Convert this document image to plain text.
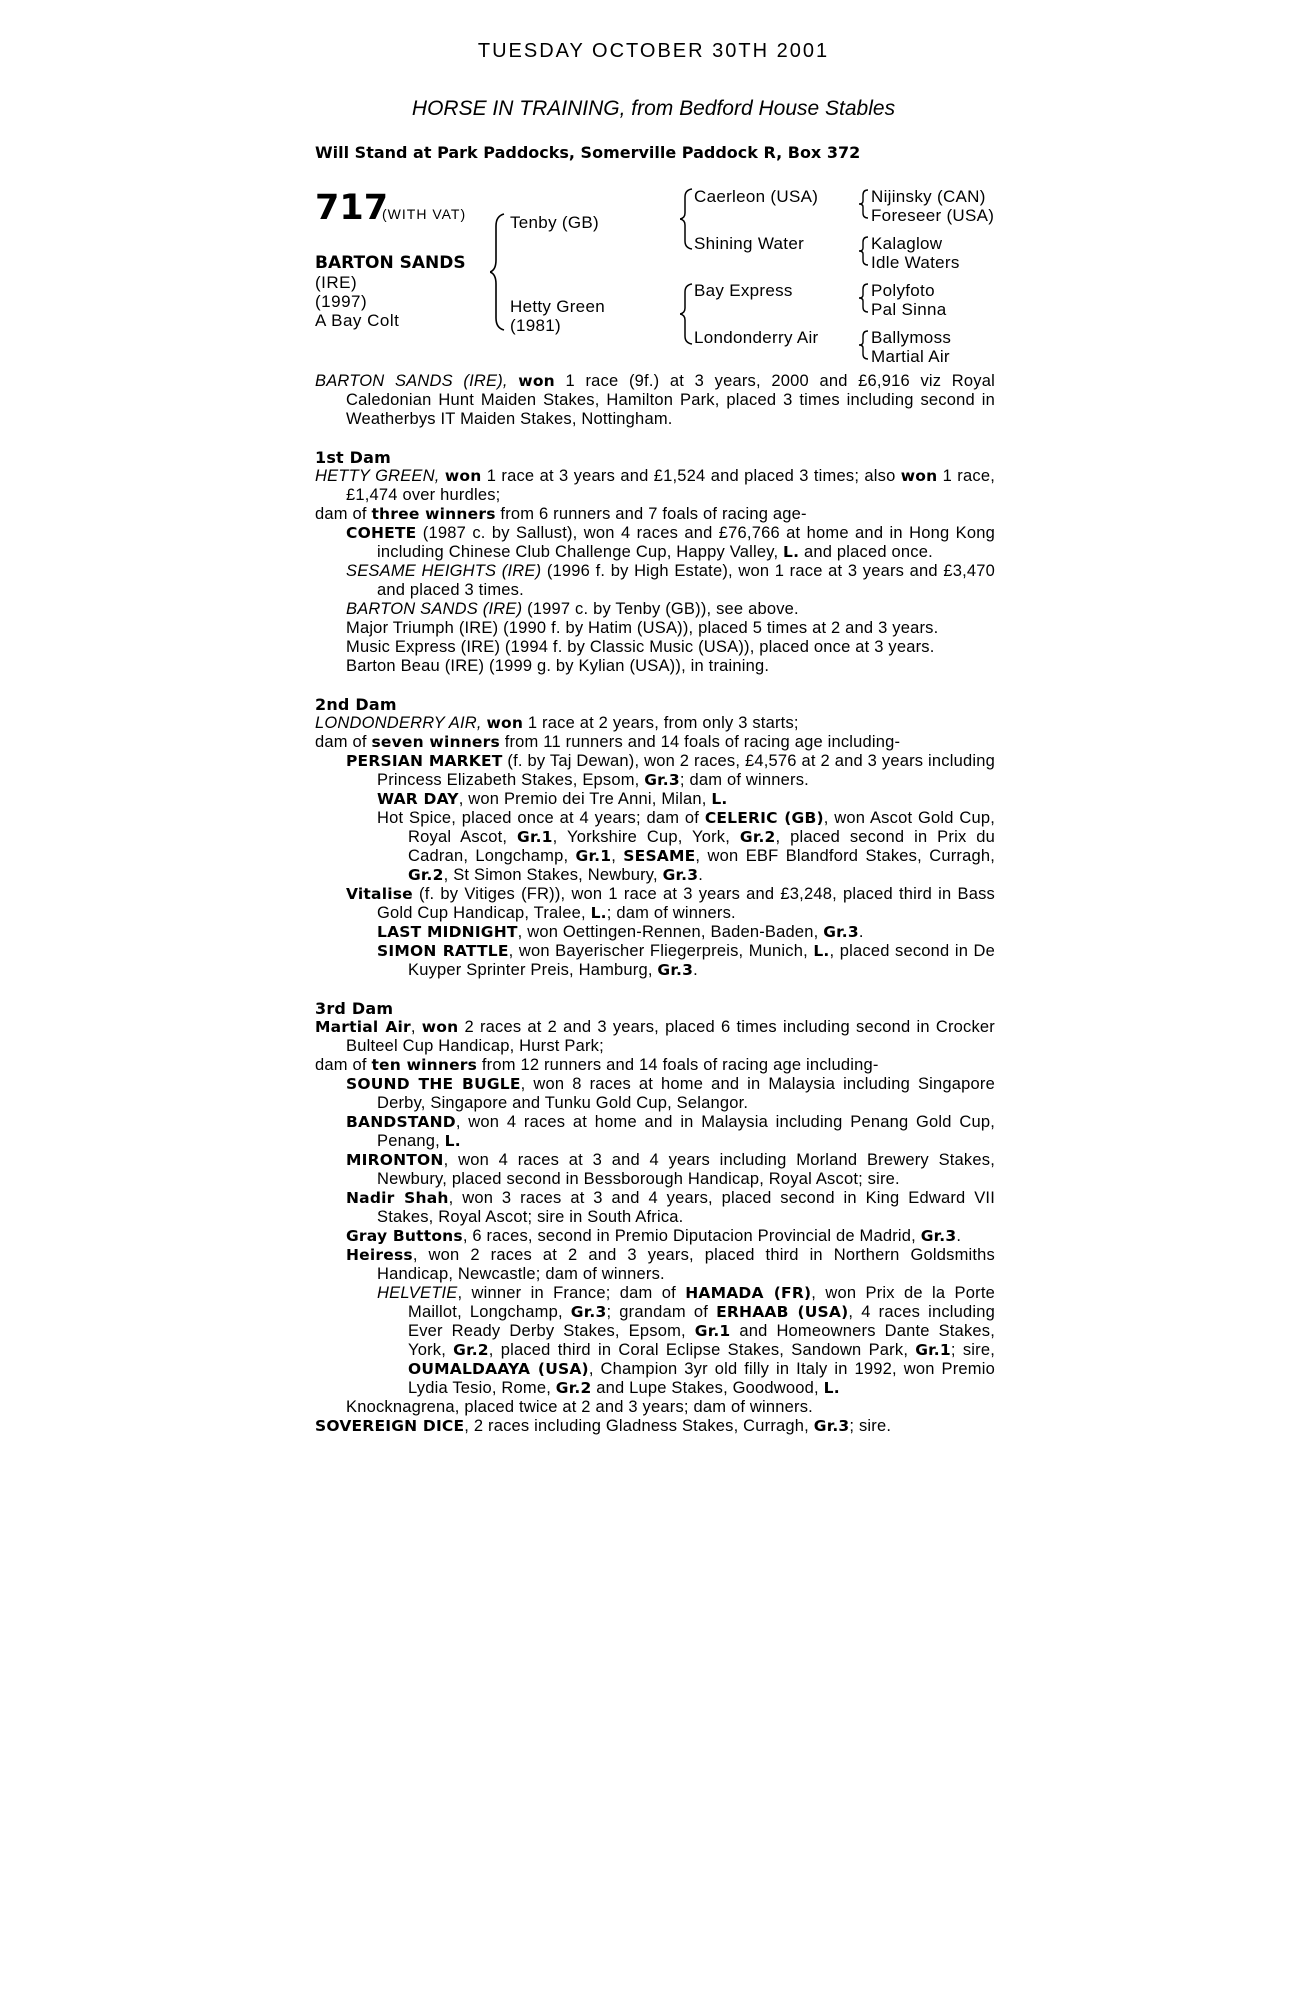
TUESDAY OCTOBER 30TH 2001
HORSE IN TRAINING, from Bedford House Stables
Will Stand at Park Paddocks, Somerville Paddock R, Box 372
717
(WITH VAT)
BARTON SANDS
(IRE)
(1997)
A Bay Colt
Tenby (GB)
Hetty Green
(1981)
Caerleon (USA)
Shining Water
Bay Express
Londonderry Air
Nijinsky (CAN)
Foreseer (USA)
Kalaglow
Idle Waters
Polyfoto
Pal Sinna
Ballymoss
Martial Air

BARTON SANDS (IRE), won 1 race (9f.) at 3 years, 2000 and £6,916 viz Royal Caledonian Hunt Maiden Stakes, Hamilton Park, placed 3 times including second in Weatherbys IT Maiden Stakes, Nottingham.

1st Dam

HETTY GREEN, won 1 race at 3 years and £1,524 and placed 3 times; also won 1 race, £1,474 over hurdles;

dam of three winners from 6 runners and 7 foals of racing age-

COHETE (1987 c. by Sallust), won 4 races and £76,766 at home and in Hong Kong including Chinese Club Challenge Cup, Happy Valley, L. and placed once.

SESAME HEIGHTS (IRE) (1996 f. by High Estate), won 1 race at 3 years and £3,470 and placed 3 times.

BARTON SANDS (IRE) (1997 c. by Tenby (GB)), see above.

Major Triumph (IRE) (1990 f. by Hatim (USA)), placed 5 times at 2 and 3 years.

Music Express (IRE) (1994 f. by Classic Music (USA)), placed once at 3 years.

Barton Beau (IRE) (1999 g. by Kylian (USA)), in training.

2nd Dam

LONDONDERRY AIR, won 1 race at 2 years, from only 3 starts;

dam of seven winners from 11 runners and 14 foals of racing age including-

PERSIAN MARKET (f. by Taj Dewan), won 2 races, £4,576 at 2 and 3 years including Princess Elizabeth Stakes, Epsom, Gr.3; dam of winners.

WAR DAY, won Premio dei Tre Anni, Milan, L.

Hot Spice, placed once at 4 years; dam of CELERIC (GB), won Ascot Gold Cup, Royal Ascot, Gr.1, Yorkshire Cup, York, Gr.2, placed second in Prix du Cadran, Longchamp, Gr.1, SESAME, won EBF Blandford Stakes, Curragh, Gr.2, St Simon Stakes, Newbury, Gr.3.

Vitalise (f. by Vitiges (FR)), won 1 race at 3 years and £3,248, placed third in Bass Gold Cup Handicap, Tralee, L.; dam of winners.

LAST MIDNIGHT, won Oettingen-Rennen, Baden-Baden, Gr.3.

SIMON RATTLE, won Bayerischer Fliegerpreis, Munich, L., placed second in De Kuyper Sprinter Preis, Hamburg, Gr.3.

3rd Dam

Martial Air, won 2 races at 2 and 3 years, placed 6 times including second in Crocker Bulteel Cup Handicap, Hurst Park;

dam of ten winners from 12 runners and 14 foals of racing age including-

SOUND THE BUGLE, won 8 races at home and in Malaysia including Singapore Derby, Singapore and Tunku Gold Cup, Selangor.

BANDSTAND, won 4 races at home and in Malaysia including Penang Gold Cup, Penang, L.

MIRONTON, won 4 races at 3 and 4 years including Morland Brewery Stakes, Newbury, placed second in Bessborough Handicap, Royal Ascot; sire.

Nadir Shah, won 3 races at 3 and 4 years, placed second in King Edward VII Stakes, Royal Ascot; sire in South Africa.

Gray Buttons, 6 races, second in Premio Diputacion Provincial de Madrid, Gr.3.

Heiress, won 2 races at 2 and 3 years, placed third in Northern Goldsmiths Handicap, Newcastle; dam of winners.

HELVETIE, winner in France; dam of HAMADA (FR), won Prix de la Porte Maillot, Longchamp, Gr.3; grandam of ERHAAB (USA), 4 races including Ever Ready Derby Stakes, Epsom, Gr.1 and Homeowners Dante Stakes, York, Gr.2, placed third in Coral Eclipse Stakes, Sandown Park, Gr.1; sire, OUMALDAAYA (USA), Champion 3yr old filly in Italy in 1992, won Premio Lydia Tesio, Rome, Gr.2 and Lupe Stakes, Goodwood, L.

Knocknagrena, placed twice at 2 and 3 years; dam of winners.

SOVEREIGN DICE, 2 races including Gladness Stakes, Curragh, Gr.3; sire.
